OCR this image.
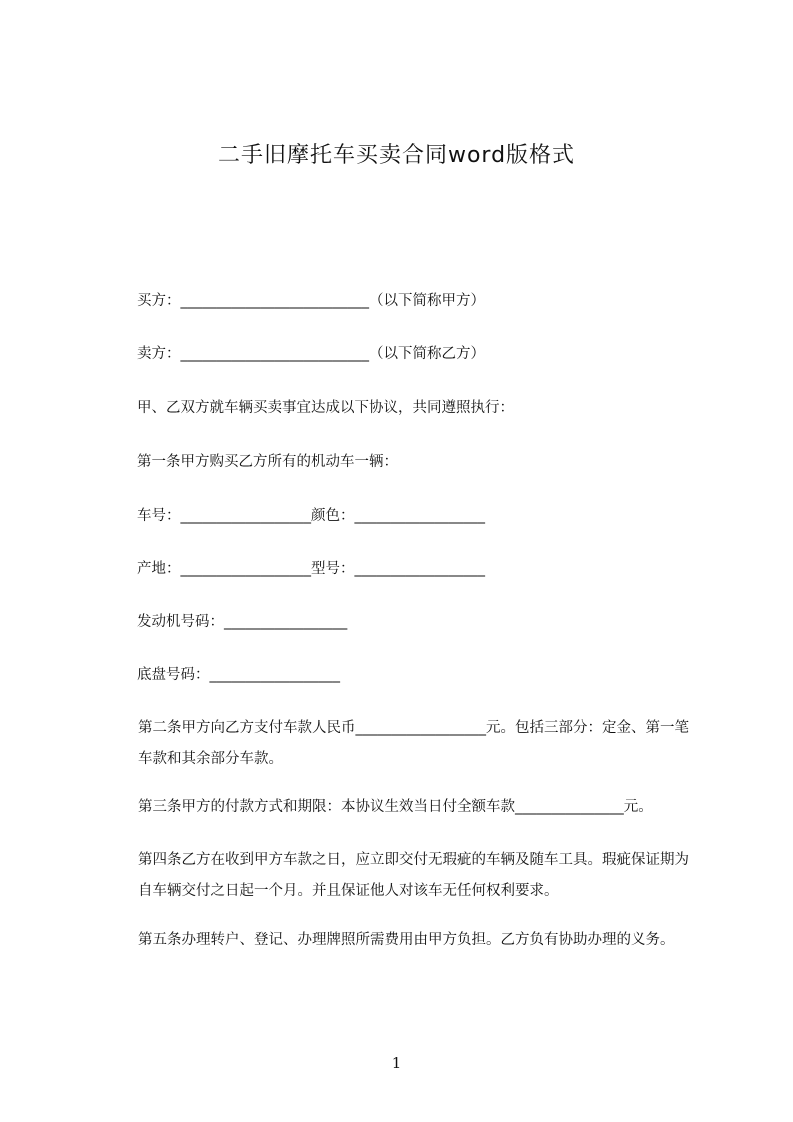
二手旧摩托车买卖合同word版格式
买方：__________________________（以下简称甲方）
卖方：__________________________（以下简称乙方）
甲、乙双方就车辆买卖事宜达成以下协议，共同遵照执行：
第一条甲方购买乙方所有的机动车一辆：
车号：__________________颜色：__________________
产地：__________________型号：__________________
发动机号码：_________________
底盘号码：__________________
第二条甲方向乙方支付车款人民币__________________元。包括三部分：定金、第一笔车款和其余部分车款。
第三条甲方的付款方式和期限：本协议生效当日付全额车款_______________元。
第四条乙方在收到甲方车款之日，应立即交付无瑕疵的车辆及随车工具。瑕疵保证期为自车辆交付之日起一个月。并且保证他人对该车无任何权利要求。
第五条办理转户、登记、办理牌照所需费用由甲方负担。乙方负有协助办理的义务。
1
